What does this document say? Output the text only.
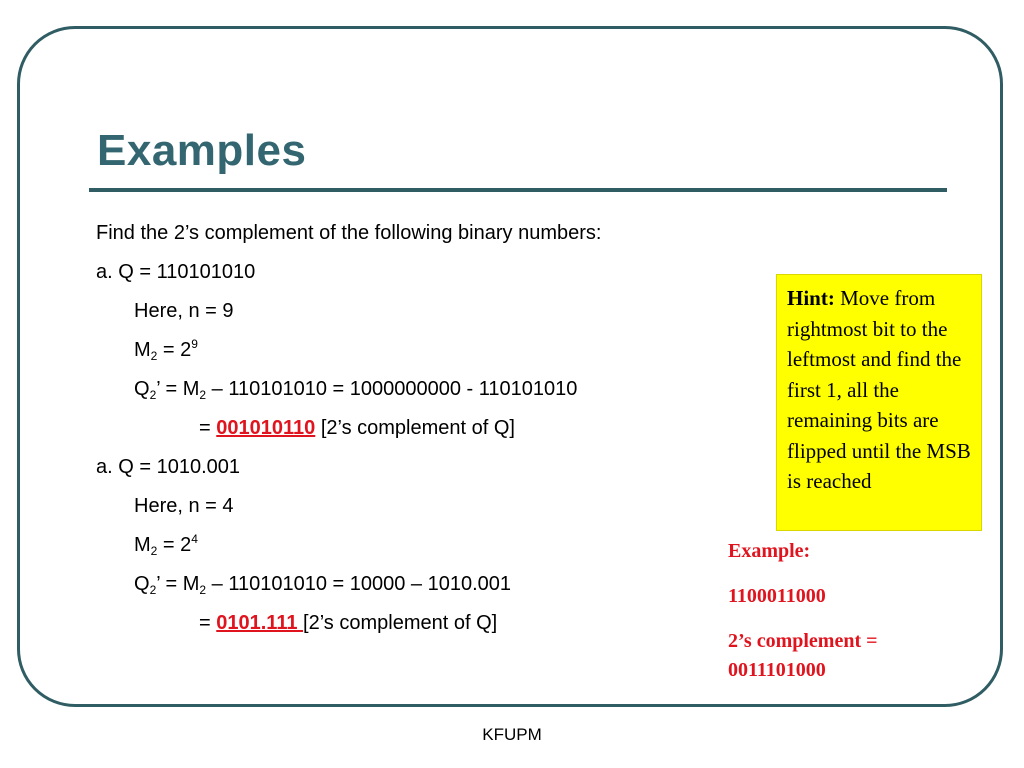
Examples
Find the 2’s complement of the following binary numbers:
a. Q = 110101010
Here, n = 9
$M_2 = 2^9$
$Q_2$’ = $M_2 - 110101010 = 1000000000 - 110101010$
= 001010110 [2’s complement of Q]
a. Q = 1010.001
Here, n = 4
$M_2 = 2^4$
$Q_2$’ = $M_2 - 110101010 = 10000 - 1010.001$
= 0101.111 [2’s complement of Q]
Hint: Move from rightmost bit to the leftmost and find the first 1, all the remaining bits are flipped until the MSB is reached
Example:
1100011000
2’s complement =
0011101000
KFUPM
